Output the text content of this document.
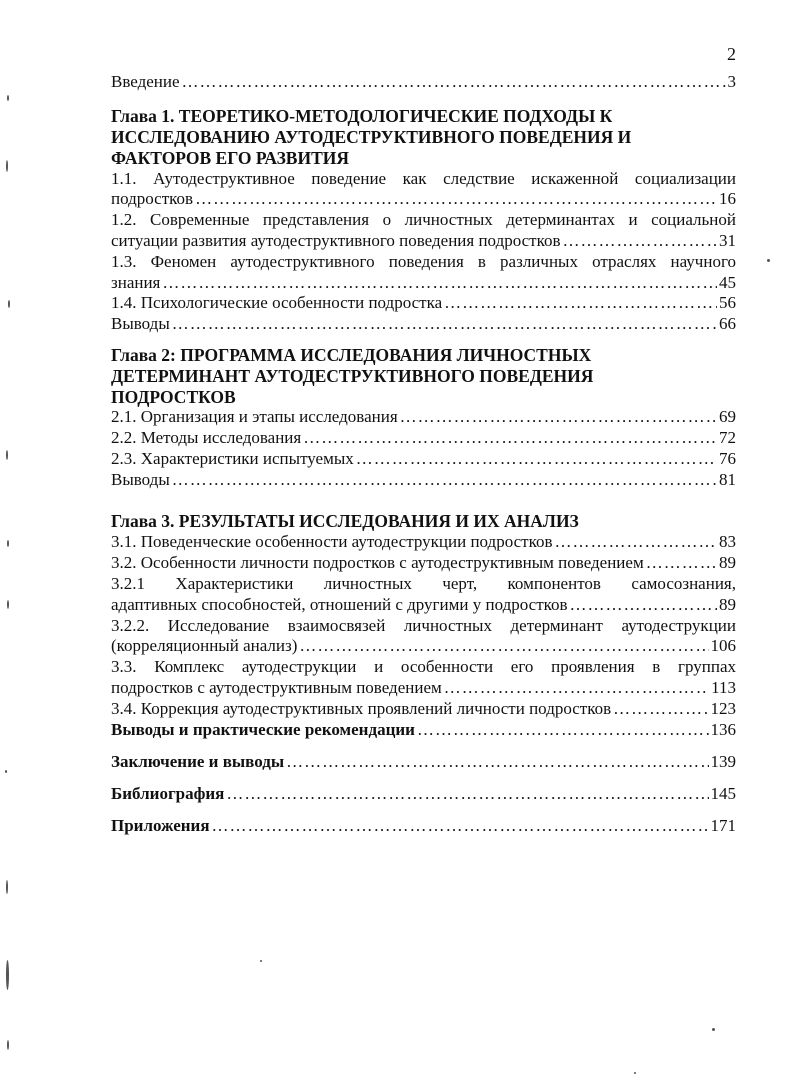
2
Введение ……………………………………………………………………………………………………………………………………………………	3
Глава 1. ТЕОРЕТИКО-МЕТОДОЛОГИЧЕСКИЕ ПОДХОДЫ К
ИССЛЕДОВАНИЮ АУТОДЕСТРУКТИВНОГО ПОВЕДЕНИЯ И
ФАКТОРОВ ЕГО РАЗВИТИЯ
1.1. Аутодеструктивное поведение как следствие искаженной социализации
подростков ……………………………………………………………………………………………………………………………………………………	16
1.2. Современные представления о личностных детерминантах и социальной
ситуации развития аутодеструктивного поведения подростков ……………………………………………………………………………………………………………………………………………………	31
1.3. Феномен аутодеструктивного поведения в различных отраслях научного
знания ……………………………………………………………………………………………………………………………………………………	45
1.4. Психологические особенности подростка ……………………………………………………………………………………………………………………………………………………	56
Выводы ……………………………………………………………………………………………………………………………………………………	66
Глава 2: ПРОГРАММА ИССЛЕДОВАНИЯ ЛИЧНОСТНЫХ
ДЕТЕРМИНАНТ АУТОДЕСТРУКТИВНОГО ПОВЕДЕНИЯ
ПОДРОСТКОВ
2.1. Организация и этапы исследования ……………………………………………………………………………………………………………………………………………………	69
2.2. Методы исследования ……………………………………………………………………………………………………………………………………………………	72
2.3. Характеристики испытуемых ……………………………………………………………………………………………………………………………………………………	76
Выводы ……………………………………………………………………………………………………………………………………………………	81
Глава 3. РЕЗУЛЬТАТЫ ИССЛЕДОВАНИЯ И ИХ АНАЛИЗ
3.1. Поведенческие особенности аутодеструкции подростков ……………………………………………………………………………………………………………………………………………………	83
3.2. Особенности личности подростков с аутодеструктивным поведением ……………………………………………………………………………………………………………………………………………………	89
3.2.1 Характеристики личностных черт, компонентов самосознания,
адаптивных способностей, отношений с другими у подростков ……………………………………………………………………………………………………………………………………………………	89
3.2.2. Исследование взаимосвязей личностных детерминант аутодеструкции
(корреляционный анализ) ……………………………………………………………………………………………………………………………………………………	106
3.3. Комплекс аутодеструкции и особенности его проявления в группах
подростков с аутодеструктивным поведением ……………………………………………………………………………………………………………………………………………………	113
3.4. Коррекция аутодеструктивных проявлений личности подростков ……………………………………………………………………………………………………………………………………………………	123
Выводы и практические рекомендации ……………………………………………………………………………………………………………………………………………………	136
Заключение и выводы ……………………………………………………………………………………………………………………………………………………	139
Библиография ……………………………………………………………………………………………………………………………………………………	145
Приложения ……………………………………………………………………………………………………………………………………………………	171
